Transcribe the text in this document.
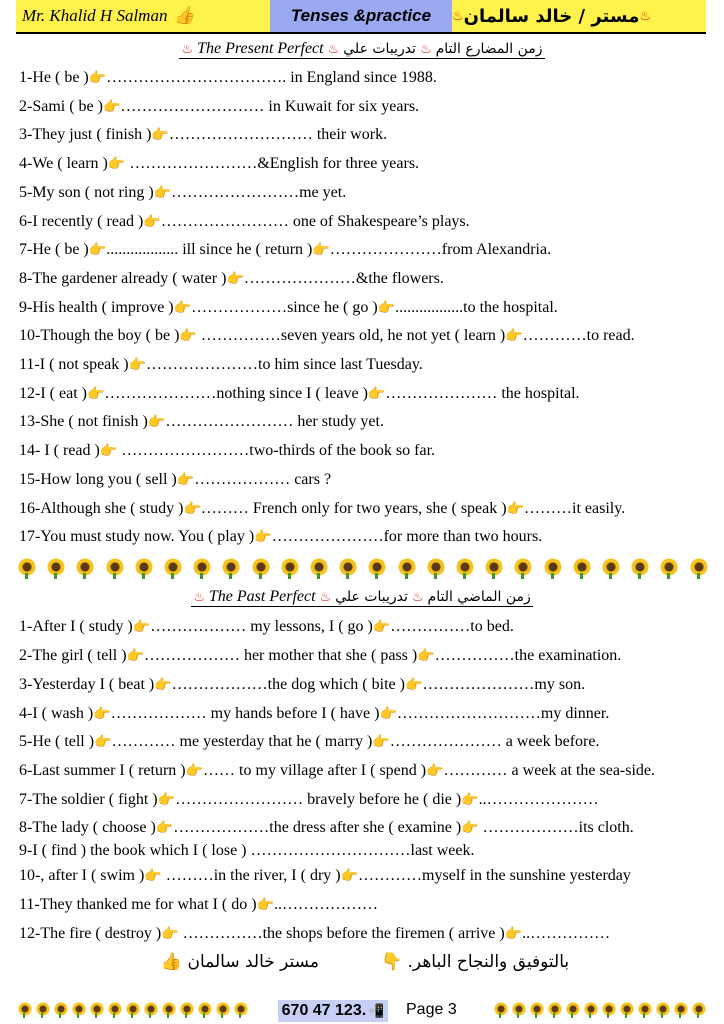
Mr. Khalid H Salman 👍	Tenses &practice	♨
مستر / خالد سالمان
♨
♨ The Present Perfect ♨	زمن المضارع التام ♨ تدريبات علي
1-He ( be )👉……………………………. in England since 1988.
2-Sami ( be )👉……………………… in Kuwait for six years.
3-They just ( finish )👉……………………… their work.
4-We ( learn )👉 ……………………&English for three years.
5-My son ( not ring )👉……………………me yet.
6-I recently ( read )👉…………………… one of Shakespeare’s plays.
7-He ( be )👉.................. ill since he ( return )👉…………………from Alexandria.
8-The gardener already ( water )👉…………………&the flowers.
9-His health ( improve )👉………………since he ( go )👉.................to the hospital.
10-Though the boy ( be )👉 ……………seven years old, he not yet ( learn )👉…………to read.
11-I ( not speak )👉…………………to him since last Tuesday.
12-I ( eat )👉…………………nothing since I ( leave )👉………………… the hospital.
13-She ( not finish )👉…………………… her study yet.
14- I ( read )👉 ……………………two-thirds of the book so far.
15-How long you ( sell )👉……………… cars ?
16-Although she ( study )👉……… French only for two years, she ( speak )👉………it easily.
17-You must study now. You ( play )👉…………………for more than two hours.
♨ The Past Perfect ♨	زمن الماضي التام ♨ تدريبات علي
1-After I ( study )👉……………… my lessons, I ( go )👉……………to bed.
2-The girl ( tell )👉……………… her mother that she ( pass )👉……………the examination.
3-Yesterday I ( beat )👉………………the dog which ( bite )👉…………………my son.
4-I ( wash )👉……………… my hands before I ( have )👉………………………my dinner.
5-He ( tell )👉………… me yesterday that he ( marry )👉………………… a week before.
6-Last summer I ( return )👉…… to my village after I ( spend )👉………… a week at the sea-side.
7-The soldier ( fight )👉…………………… bravely before he ( die )👉..…………………
8-The lady ( choose )👉………………the dress after she ( examine )👉 ………………its cloth.
9-I ( find ) the book which I ( lose ) …………………………last week.
10-, after I ( swim )👉 ………in the river, I ( dry )👉…………myself in the sunshine yesterday
11-They thanked me for what I ( do )👉..………………
12-The fire ( destroy )👉 ……………the shops before the firemen ( arrive )👉..……………
بالتوفيق والنجاح الباهر. 👇
مستر خالد سالمان 👍
670 47 123. 📲 Page 3
